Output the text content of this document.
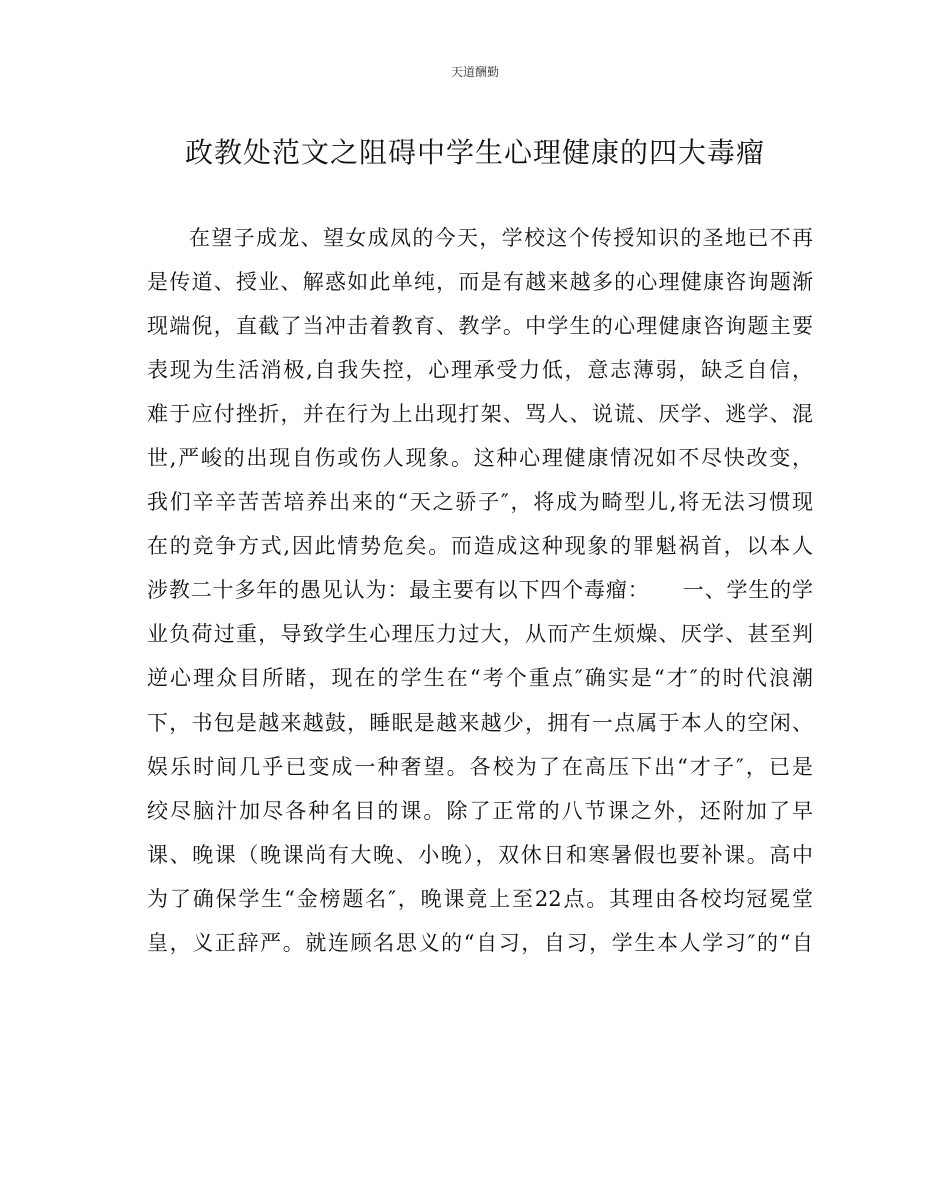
天道酬勤
政教处范文之阻碍中学生心理健康的四大毒瘤
在望子成龙、望女成凤的今天，学校这个传授知识的圣地已不再
是传道、授业、解惑如此单纯，而是有越来越多的心理健康咨询题渐
现端倪，直截了当冲击着教育、教学。中学生的心理健康咨询题主要
表现为生活消极,自我失控，心理承受力低，意志薄弱，缺乏自信，
难于应付挫折，并在行为上出现打架、骂人、说谎、厌学、逃学、混
世,严峻的出现自伤或伤人现象。这种心理健康情况如不尽快改变，
我们辛辛苦苦培养出来的“天之骄子″，将成为畸型儿,将无法习惯现
在的竞争方式,因此情势危矣。而造成这种现象的罪魁祸首，以本人
涉教二十多年的愚见认为：最主要有以下四个毒瘤：　　一、学生的学
业负荷过重，导致学生心理压力过大，从而产生烦燥、厌学、甚至判
逆心理众目所睹，现在的学生在“考个重点″确实是“才″的时代浪潮
下，书包是越来越鼓，睡眠是越来越少，拥有一点属于本人的空闲、
娱乐时间几乎已变成一种奢望。各校为了在高压下出“才子″，已是
绞尽脑汁加尽各种名目的课。除了正常的八节课之外，还附加了早
课、晚课（晚课尚有大晚、小晚），双休日和寒暑假也要补课。高中
为了确保学生“金榜题名″，晚课竟上至22点。其理由各校均冠冕堂
皇，义正辞严。就连顾名思义的“自习，自习，学生本人学习″的“自
